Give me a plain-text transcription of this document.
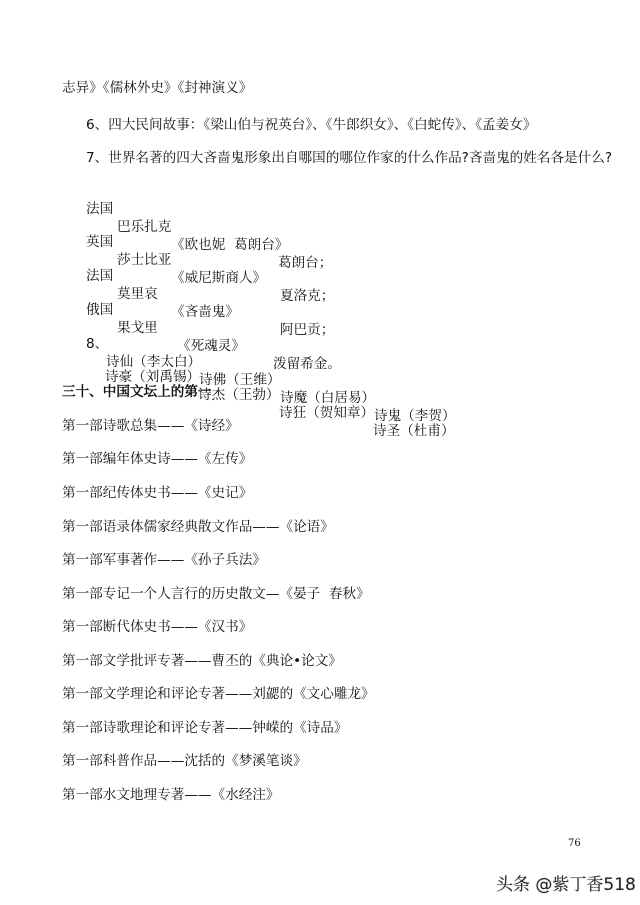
志异》《儒林外史》《封神演义》
6、四大民间故事：《梁山伯与祝英台》、《牛郎织女》、《白蛇传》、《孟姜女》
7、世界名著的四大吝啬鬼形象出自哪国的哪位作家的什么作品?吝啬鬼的姓名各是什么?

法国

巴乐扎克

《欧也妮  葛朗台》

葛朗台；

英国

莎士比亚

《威尼斯商人》

夏洛克；

法国

莫里哀

《吝啬鬼》

阿巴贡；

俄国

果戈里

《死魂灵》

泼留希金。

8、

诗仙（李太白）

诗佛（王维）

诗魔（白居易）

诗鬼（李贺）

诗豪（刘禹锡）

诗杰（王勃）

诗狂（贺知章）

诗圣（杜甫）

三十、中国文坛上的第一
第一部诗歌总集——《诗经》
第一部编年体史诗——《左传》
第一部纪传体史书——《史记》
第一部语录体儒家经典散文作品——《论语》
第一部军事著作——《孙子兵法》
第一部专记一个人言行的历史散文—《晏子  春秋》
第一部断代体史书——《汉书》
第一部文学批评专著——曹丕的《典论•论文》
第一部文学理论和评论专著——刘勰的《文心雕龙》
第一部诗歌理论和评论专著——钟嵘的《诗品》
第一部科普作品——沈括的《梦溪笔谈》
第一部水文地理专著——《水经注》
76
头条 @紫丁香518
